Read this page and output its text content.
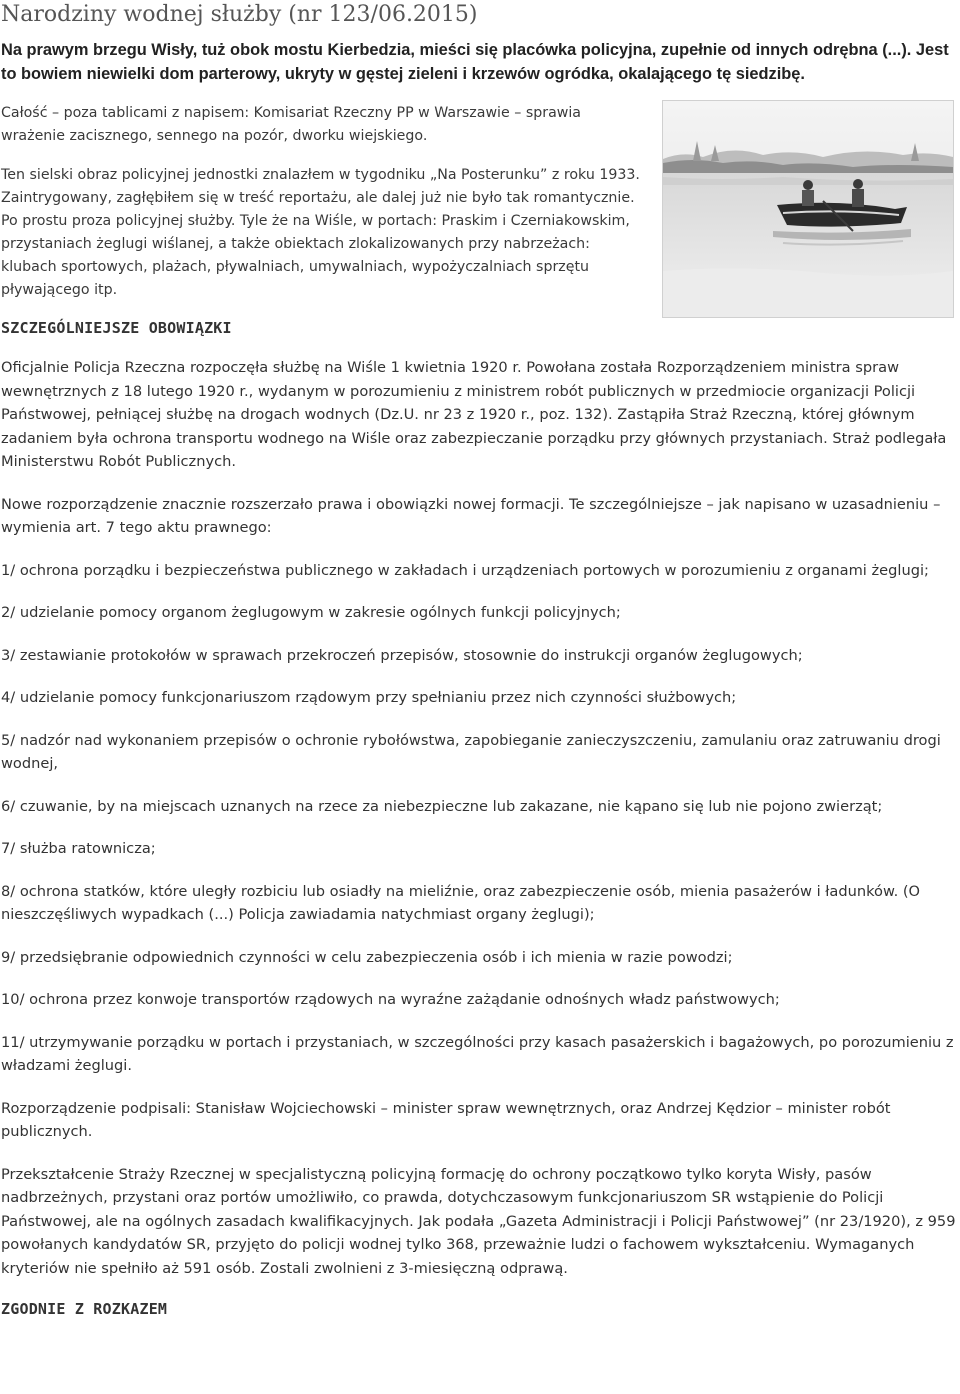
Narodziny wodnej służby (nr 123/06.2015)

Na prawym brzegu Wisły, tuż obok mostu Kierbedzia, mieści się placówka policyjna, zupełnie od innych odrębna (...). Jest to bowiem niewielki dom parterowy, ukryty w gęstej zieleni i krzewów ogródka, okalającego tę siedzibę.

Całość – poza tablicami z napisem: Komisariat Rzeczny PP w Warszawie – sprawia wrażenie zacisznego, sennego na pozór, dworku wiejskiego.

Ten sielski obraz policyjnej jednostki znalazłem w tygodniku „Na Posterunku” z roku 1933. Zaintrygowany, zagłębiłem się w treść reportażu, ale dalej już nie było tak romantycznie. Po prostu proza policyjnej służby. Tyle że na Wiśle, w portach: Praskim i Czerniakowskim, przystaniach żeglugi wiślanej, a także obiektach zlokalizowanych przy nabrzeżach: klubach sportowych, plażach, pływalniach, umywalniach, wypożyczalniach sprzętu pływającego itp.

SZCZEGÓLNIEJSZE OBOWIĄZKI

Oficjalnie Policja Rzeczna rozpoczęła służbę na Wiśle 1 kwietnia 1920 r. Powołana została Rozporządzeniem ministra spraw wewnętrznych z 18 lutego 1920 r., wydanym w porozumieniu z ministrem robót publicznych w przedmiocie organizacji Policji Państwowej, pełniącej służbę na drogach wodnych (Dz.U. nr 23 z 1920 r., poz. 132). Zastąpiła Straż Rzeczną, której głównym zadaniem była ochrona transportu wodnego na Wiśle oraz zabezpieczanie porządku przy głównych przystaniach. Straż podlegała Ministerstwu Robót Publicznych.

Nowe rozporządzenie znacznie rozszerzało prawa i obowiązki nowej formacji. Te szczególniejsze – jak napisano w uzasadnieniu – wymienia art. 7 tego aktu prawnego:

1/ ochrona porządku i bezpieczeństwa publicznego w zakładach i urządzeniach portowych w porozumieniu z organami żeglugi;

2/ udzielanie pomocy organom żeglugowym w zakresie ogólnych funkcji policyjnych;

3/ zestawianie protokołów w sprawach przekroczeń przepisów, stosownie do instrukcji organów żeglugowych;

4/ udzielanie pomocy funkcjonariuszom rządowym przy spełnianiu przez nich czynności służbowych;

5/ nadzór nad wykonaniem przepisów o ochronie rybołówstwa, zapobieganie zanieczyszczeniu, zamulaniu oraz zatruwaniu drogi wodnej,

6/ czuwanie, by na miejscach uznanych na rzece za niebezpieczne lub zakazane, nie kąpano się lub nie pojono zwierząt;

7/ służba ratownicza;

8/ ochrona statków, które uległy rozbiciu lub osiadły na mieliźnie, oraz zabezpieczenie osób, mienia pasażerów i ładunków. (O nieszczęśliwych wypadkach (...) Policja zawiadamia natychmiast organy żeglugi);

9/ przedsiębranie odpowiednich czynności w celu zabezpieczenia osób i ich mienia w razie powodzi;

10/ ochrona przez konwoje transportów rządowych na wyraźne zażądanie odnośnych władz państwowych;

11/ utrzymywanie porządku w portach i przystaniach, w szczególności przy kasach pasażerskich i bagażowych, po porozumieniu z władzami żeglugi.

Rozporządzenie podpisali: Stanisław Wojciechowski – minister spraw wewnętrznych, oraz Andrzej Kędzior – minister robót publicznych.

Przekształcenie Straży Rzecznej w specjalistyczną policyjną formację do ochrony początkowo tylko koryta Wisły, pasów nadbrzeżnych, przystani oraz portów umożliwiło, co prawda, dotychczasowym funkcjonariuszom SR wstąpienie do Policji Państwowej, ale na ogólnych zasadach kwalifikacyjnych. Jak podała „Gazeta Administracji i Policji Państwowej” (nr 23/1920), z 959 powołanych kandydatów SR, przyjęto do policji wodnej tylko 368, przeważnie ludzi o fachowem wykształceniu. Wymaganych kryteriów nie spełniło aż 591 osób. Zostali zwolnieni z 3-miesięczną odprawą.

ZGODNIE Z ROZKAZEM
